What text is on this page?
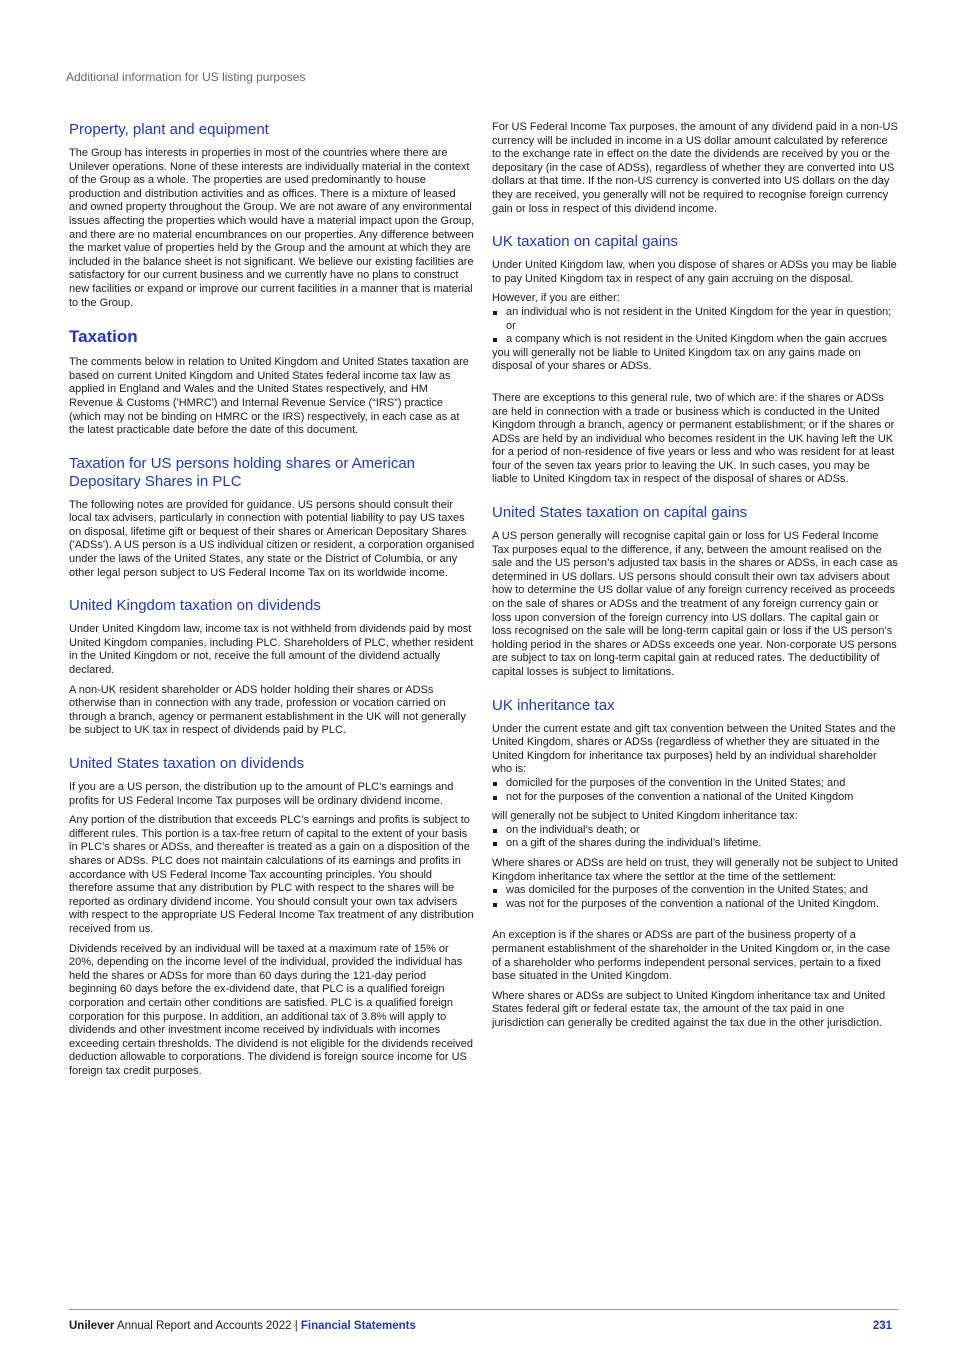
Additional information for US listing purposes
Property, plant and equipment

The Group has interests in properties in most of the countries where there are Unilever operations. None of these interests are individually material in the context of the Group as a whole. The properties are used predominantly to house production and distribution activities and as offices. There is a mixture of leased and owned property throughout the Group. We are not aware of any environmental issues affecting the properties which would have a material impact upon the Group, and there are no material encumbrances on our properties. Any difference between the market value of properties held by the Group and the amount at which they are included in the balance sheet is not significant. We believe our existing facilities are satisfactory for our current business and we currently have no plans to construct new facilities or expand or improve our current facilities in a manner that is material to the Group.

Taxation

The comments below in relation to United Kingdom and United States taxation are based on current United Kingdom and United States federal income tax law as applied in England and Wales and the United States respectively, and HM Revenue & Customs ('HMRC') and Internal Revenue Service (“IRS”) practice (which may not be binding on HMRC or the IRS) respectively, in each case as at the latest practicable date before the date of this document.

Taxation for US persons holding shares or American Depositary Shares in PLC

The following notes are provided for guidance. US persons should consult their local tax advisers, particularly in connection with potential liability to pay US taxes on disposal, lifetime gift or bequest of their shares or American Depositary Shares ('ADSs'). A US person is a US individual citizen or resident, a corporation organised under the laws of the United States, any state or the District of Columbia, or any other legal person subject to US Federal Income Tax on its worldwide income.

United Kingdom taxation on dividends

Under United Kingdom law, income tax is not withheld from dividends paid by most United Kingdom companies, including PLC. Shareholders of PLC, whether resident in the United Kingdom or not, receive the full amount of the dividend actually declared.

A non-UK resident shareholder or ADS holder holding their shares or ADSs otherwise than in connection with any trade, profession or vocation carried on through a branch, agency or permanent establishment in the UK will not generally be subject to UK tax in respect of dividends paid by PLC.

United States taxation on dividends

If you are a US person, the distribution up to the amount of PLC’s earnings and profits for US Federal Income Tax purposes will be ordinary dividend income.

Any portion of the distribution that exceeds PLC’s earnings and profits is subject to different rules. This portion is a tax-free return of capital to the extent of your basis in PLC’s shares or ADSs, and thereafter is treated as a gain on a disposition of the shares or ADSs. PLC does not maintain calculations of its earnings and profits in accordance with US Federal Income Tax accounting principles. You should therefore assume that any distribution by PLC with respect to the shares will be reported as ordinary dividend income. You should consult your own tax advisers with respect to the appropriate US Federal Income Tax treatment of any distribution received from us.

Dividends received by an individual will be taxed at a maximum rate of 15% or 20%, depending on the income level of the individual, provided the individual has held the shares or ADSs for more than 60 days during the 121-day period beginning 60 days before the ex-dividend date, that PLC is a qualified foreign corporation and certain other conditions are satisfied. PLC is a qualified foreign corporation for this purpose. In addition, an additional tax of 3.8% will apply to dividends and other investment income received by individuals with incomes exceeding certain thresholds. The dividend is not eligible for the dividends received deduction allowable to corporations. The dividend is foreign source income for US foreign tax credit purposes.

For US Federal Income Tax purposes, the amount of any dividend paid in a non-US currency will be included in income in a US dollar amount calculated by reference to the exchange rate in effect on the date the dividends are received by you or the depositary (in the case of ADSs), regardless of whether they are converted into US dollars at that time. If the non-US currency is converted into US dollars on the day they are received, you generally will not be required to recognise foreign currency gain or loss in respect of this dividend income.

UK taxation on capital gains

Under United Kingdom law, when you dispose of shares or ADSs you may be liable to pay United Kingdom tax in respect of any gain accruing on the disposal.

However, if you are either:

an individual who is not resident in the United Kingdom for the year in question; or
a company which is not resident in the United Kingdom when the gain accrues

you will generally not be liable to United Kingdom tax on any gains made on disposal of your shares or ADSs.

There are exceptions to this general rule, two of which are: if the shares or ADSs are held in connection with a trade or business which is conducted in the United Kingdom through a branch, agency or permanent establishment; or if the shares or ADSs are held by an individual who becomes resident in the UK having left the UK for a period of non-residence of five years or less and who was resident for at least four of the seven tax years prior to leaving the UK. In such cases, you may be liable to United Kingdom tax in respect of the disposal of shares or ADSs.

United States taxation on capital gains

A US person generally will recognise capital gain or loss for US Federal Income Tax purposes equal to the difference, if any, between the amount realised on the sale and the US person’s adjusted tax basis in the shares or ADSs, in each case as determined in US dollars. US persons should consult their own tax advisers about how to determine the US dollar value of any foreign currency received as proceeds on the sale of shares or ADSs and the treatment of any foreign currency gain or loss upon conversion of the foreign currency into US dollars. The capital gain or loss recognised on the sale will be long-term capital gain or loss if the US person’s holding period in the shares or ADSs exceeds one year. Non-corporate US persons are subject to tax on long-term capital gain at reduced rates. The deductibility of capital losses is subject to limitations.

UK inheritance tax

Under the current estate and gift tax convention between the United States and the United Kingdom, shares or ADSs (regardless of whether they are situated in the United Kingdom for inheritance tax purposes) held by an individual shareholder who is:

domiciled for the purposes of the convention in the United States; and
not for the purposes of the convention a national of the United Kingdom

will generally not be subject to United Kingdom inheritance tax:

on the individual’s death; or
on a gift of the shares during the individual’s lifetime.

Where shares or ADSs are held on trust, they will generally not be subject to United Kingdom inheritance tax where the settlor at the time of the settlement:

was domiciled for the purposes of the convention in the United States; and
was not for the purposes of the convention a national of the United Kingdom.

An exception is if the shares or ADSs are part of the business property of a permanent establishment of the shareholder in the United Kingdom or, in the case of a shareholder who performs independent personal services, pertain to a fixed base situated in the United Kingdom.

Where shares or ADSs are subject to United Kingdom inheritance tax and United States federal gift or federal estate tax, the amount of the tax paid in one jurisdiction can generally be credited against the tax due in the other jurisdiction.

Unilever Annual Report and Accounts 2022 | Financial Statements	231
